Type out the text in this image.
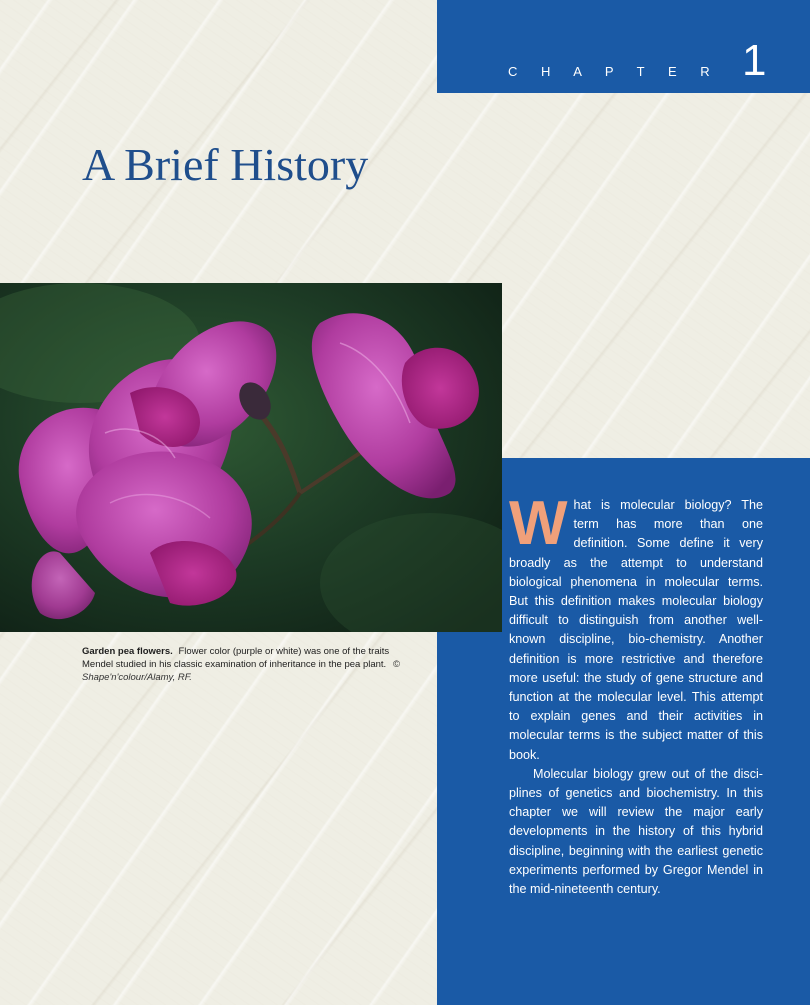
C H A P T E R 1
A Brief History
Garden pea flowers. Flower color (purple or white) was one of the traits Mendel studied in his classic examination of inheritance in the pea plant. © Shape'n'colour/Alamy, RF.

What is molecular biology? The term has more than one definition. Some define it very broadly as the attempt to understand biological phenomena in molecular terms. But this definition makes molecular biology difficult to distinguish from another well-known discipline, bio-chemistry. Another definition is more restrictive and therefore more useful: the study of gene structure and function at the molecular level. This attempt to explain genes and their activities in molecular terms is the subject matter of this book.

Molecular biology grew out of the disci-plines of genetics and biochemistry. In this chapter we will review the major early developments in the history of this hybrid discipline, beginning with the earliest genetic experiments performed by Gregor Mendel in the mid-nineteenth century.
